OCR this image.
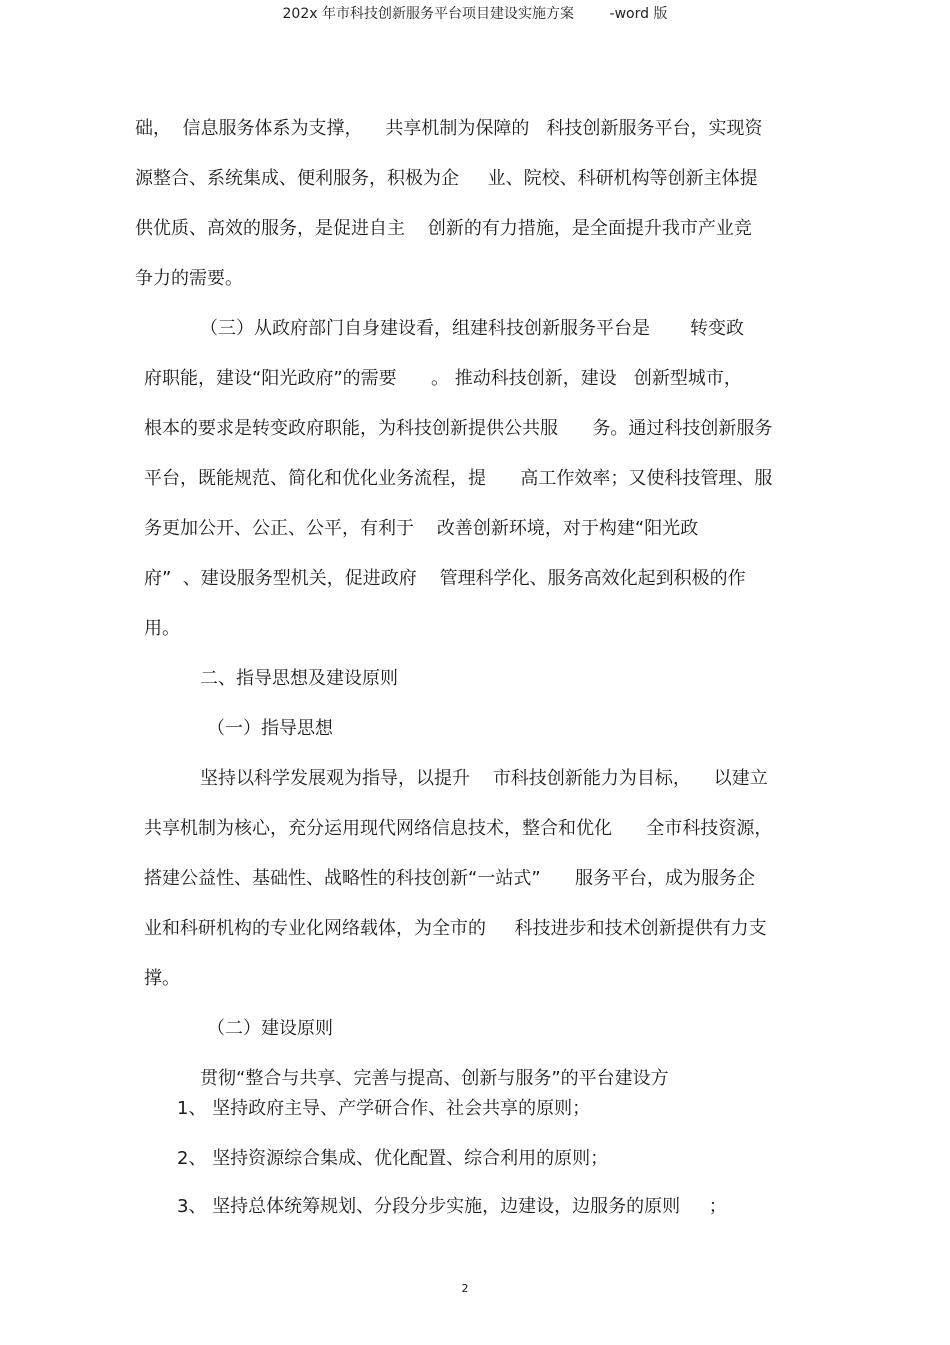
202x 年市科技创新服务平台项目建设实施方案        -word 版
础，  信息服务体系为支撑，    共享机制为保障的   科技创新服务平台，实现资
源整合、系统集成、便利服务，积极为企     业、院校、科研机构等创新主体提
供优质、高效的服务，是促进自主    创新的有力措施，是全面提升我市产业竞
争力的需要。
（三）从政府部门自身建设看，组建科技创新服务平台是       转变政
府职能，建设“阳光政府”的需要      。 推动科技创新，建设   创新型城市，
根本的要求是转变政府职能，为科技创新提供公共服      务。通过科技创新服务
平台，既能规范、简化和优化业务流程，提      高工作效率；又使科技管理、服
务更加公开、公正、公平，有利于    改善创新环境，对于构建“阳光政
府”  、建设服务型机关，促进政府    管理科学化、服务高效化起到积极的作
用。
二、指导思想及建设原则
（一）指导思想
坚持以科学发展观为指导，以提升    市科技创新能力为目标，    以建立
共享机制为核心，充分运用现代网络信息技术，整合和优化      全市科技资源，
搭建公益性、基础性、战略性的科技创新“一站式”      服务平台，成为服务企
业和科研机构的专业化网络载体，为全市的     科技进步和技术创新提供有力支
撑。
（二）建设原则
贯彻“整合与共享、完善与提高、创新与服务”的平台建设方
1、 坚持政府主导、产学研合作、社会共享的原则；
2、 坚持资源综合集成、优化配置、综合利用的原则；
3、 坚持总体统筹规划、分段分步实施，边建设，边服务的原则     ；
2
